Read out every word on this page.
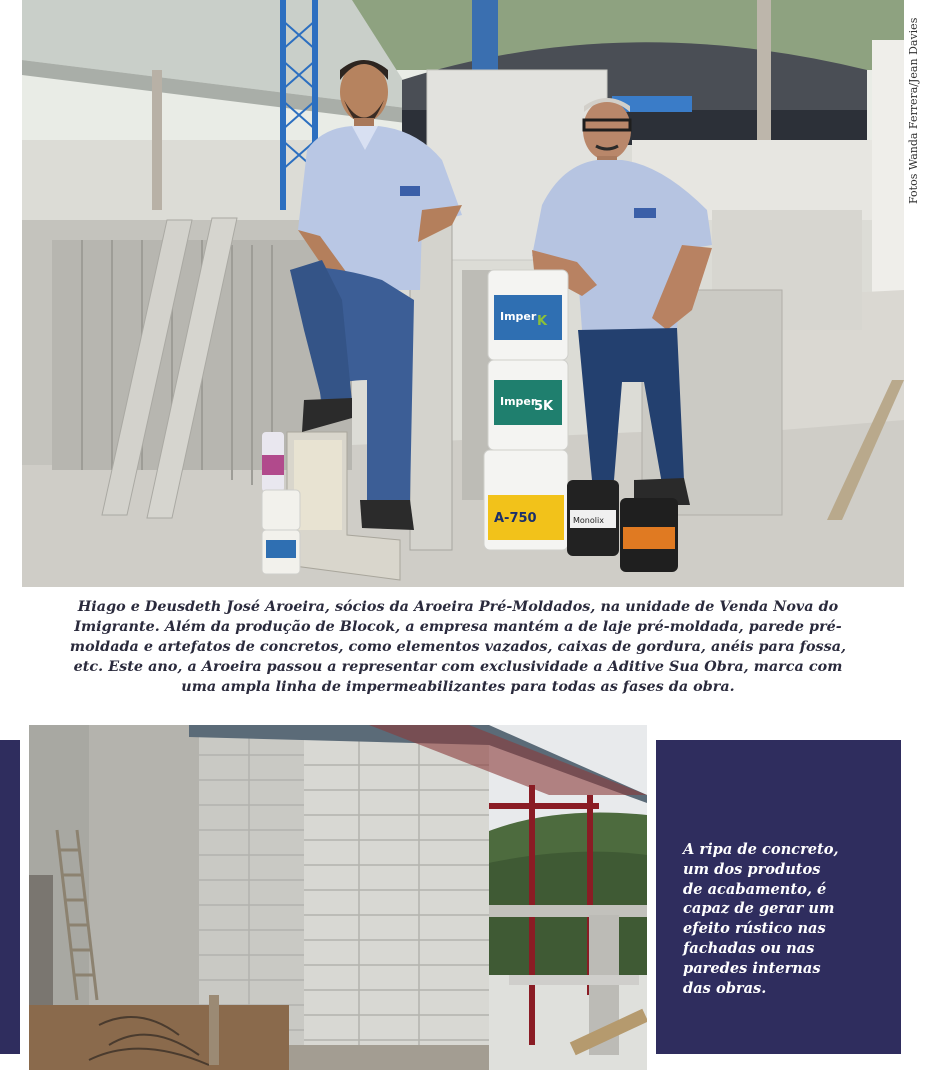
Imper K
Imper
5K
A-750	Monolix
Fotos Wanda Ferrera/Jean Davies
Hiago e Deusdeth José Aroeira, sócios da Aroeira Pré-Moldados, na unidade de Venda Nova do Imigrante. Além da produção de Blocok, a empresa mantém a de laje pré-moldada, parede pré-moldada e artefatos de concretos, como elementos vazados, caixas de gordura, anéis para fossa, etc. Este ano, a Aroeira passou a representar com exclusividade a Aditive Sua Obra, marca com uma ampla linha de impermeabilizantes para todas as fases da obra.
A ripa de concreto,
um dos produtos
de acabamento, é
capaz de gerar um
efeito rústico nas
fachadas ou nas
paredes internas
das obras.
